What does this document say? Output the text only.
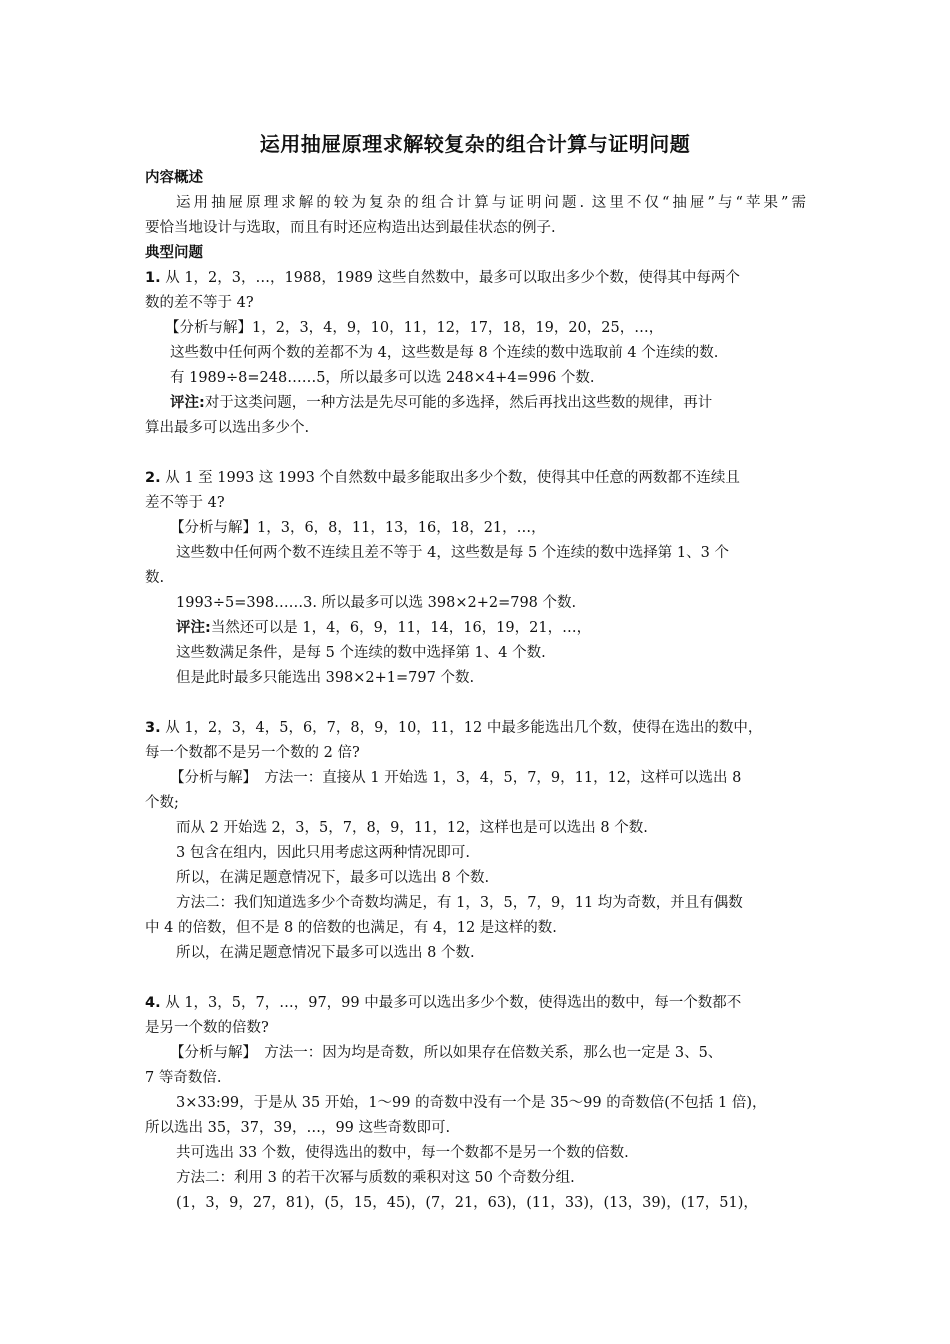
运用抽屉原理求解较复杂的组合计算与证明问题
内容概述
运用抽屉原理求解的较为复杂的组合计算与证明问题. 这里不仅“抽屉”与“苹果”需
要恰当地设计与选取，而且有时还应构造出达到最佳状态的例子.
典型问题
1. 从 1，2，3，…，1988，1989 这些自然数中，最多可以取出多少个数，使得其中每两个
数的差不等于 4?
【分析与解】1，2，3，4，9，10，11，12，17，18，19，20，25，…，
这些数中任何两个数的差都不为 4，这些数是每 8 个连续的数中选取前 4 个连续的数.
有 1989÷8=248……5，所以最多可以选 248×4+4=996 个数.
评注:对于这类问题，一种方法是先尽可能的多选择，然后再找出这些数的规律，再计
算出最多可以选出多少个.
2. 从 1 至 1993 这 1993 个自然数中最多能取出多少个数，使得其中任意的两数都不连续且
差不等于 4?
【分析与解】1，3，6，8，11，13，16，18，21，…，
这些数中任何两个数不连续且差不等于 4，这些数是每 5 个连续的数中选择第 1、3 个
数.
1993÷5=398……3. 所以最多可以选 398×2+2=798 个数.
评注:当然还可以是 1，4，6，9，11，14，16，19，21，…，
这些数满足条件，是每 5 个连续的数中选择第 1、4 个数.
但是此时最多只能选出 398×2+1=797 个数.
3. 从 1，2，3，4，5，6，7，8，9，10，11，12 中最多能选出几个数，使得在选出的数中，
每一个数都不是另一个数的 2 倍?
【分析与解】　 方法一：直接从 1 开始选 1，3，4，5，7，9，11，12，这样可以选出 8
个数;
而从 2 开始选 2，3，5，7，8，9，11，12，这样也是可以选出 8 个数.
3 包含在组内，因此只用考虑这两种情况即可.
所以，在满足题意情况下，最多可以选出 8 个数.
方法二：我们知道选多少个奇数均满足，有 1，3，5，7，9，11 均为奇数，并且有偶数
中 4 的倍数，但不是 8 的倍数的也满足，有 4，12 是这样的数.
所以，在满足题意情况下最多可以选出 8 个数.
4. 从 1，3，5，7，…，97，99 中最多可以选出多少个数，使得选出的数中，每一个数都不
是另一个数的倍数?
【分析与解】　 方法一：因为均是奇数，所以如果存在倍数关系，那么也一定是 3、5、
7 等奇数倍.
3×33:99，于是从 35 开始，1～99 的奇数中没有一个是 35～99 的奇数倍(不包括 1 倍)，
所以选出 35，37，39，…，99 这些奇数即可.
共可选出 33 个数，使得选出的数中，每一个数都不是另一个数的倍数.
方法二：利用 3 的若干次幂与质数的乘积对这 50 个奇数分组.
(1，3，9，27，81)，(5，15，45)，(7，21，63)，(11，33)，(13，39)，(17，51)，
